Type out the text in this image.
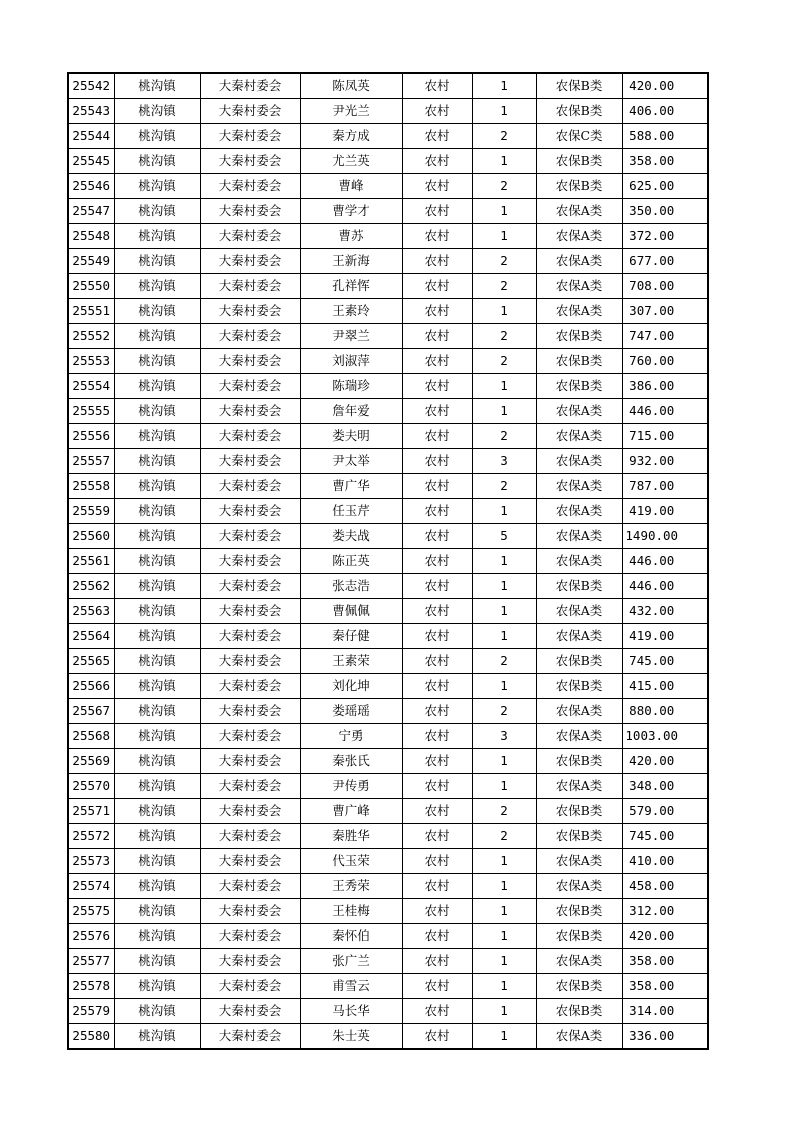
25542	桃沟镇	大秦村委会	陈凤英	农村	1	农保B类	420.00
25543	桃沟镇	大秦村委会	尹光兰	农村	1	农保B类	406.00
25544	桃沟镇	大秦村委会	秦方成	农村	2	农保C类	588.00
25545	桃沟镇	大秦村委会	尤兰英	农村	1	农保B类	358.00
25546	桃沟镇	大秦村委会	曹峰	农村	2	农保B类	625.00
25547	桃沟镇	大秦村委会	曹学才	农村	1	农保A类	350.00
25548	桃沟镇	大秦村委会	曹苏	农村	1	农保A类	372.00
25549	桃沟镇	大秦村委会	王新海	农村	2	农保A类	677.00
25550	桃沟镇	大秦村委会	孔祥恽	农村	2	农保A类	708.00
25551	桃沟镇	大秦村委会	王素玲	农村	1	农保A类	307.00
25552	桃沟镇	大秦村委会	尹翠兰	农村	2	农保B类	747.00
25553	桃沟镇	大秦村委会	刘淑萍	农村	2	农保B类	760.00
25554	桃沟镇	大秦村委会	陈瑞珍	农村	1	农保B类	386.00
25555	桃沟镇	大秦村委会	詹年爱	农村	1	农保A类	446.00
25556	桃沟镇	大秦村委会	娄夫明	农村	2	农保A类	715.00
25557	桃沟镇	大秦村委会	尹太举	农村	3	农保A类	932.00
25558	桃沟镇	大秦村委会	曹广华	农村	2	农保A类	787.00
25559	桃沟镇	大秦村委会	任玉芹	农村	1	农保A类	419.00
25560	桃沟镇	大秦村委会	娄夫战	农村	5	农保A类	1490.00
25561	桃沟镇	大秦村委会	陈正英	农村	1	农保A类	446.00
25562	桃沟镇	大秦村委会	张志浩	农村	1	农保B类	446.00
25563	桃沟镇	大秦村委会	曹佩佩	农村	1	农保A类	432.00
25564	桃沟镇	大秦村委会	秦仔健	农村	1	农保A类	419.00
25565	桃沟镇	大秦村委会	王素荣	农村	2	农保B类	745.00
25566	桃沟镇	大秦村委会	刘化坤	农村	1	农保B类	415.00
25567	桃沟镇	大秦村委会	娄瑶瑶	农村	2	农保A类	880.00
25568	桃沟镇	大秦村委会	宁勇	农村	3	农保A类	1003.00
25569	桃沟镇	大秦村委会	秦张氏	农村	1	农保B类	420.00
25570	桃沟镇	大秦村委会	尹传勇	农村	1	农保A类	348.00
25571	桃沟镇	大秦村委会	曹广峰	农村	2	农保B类	579.00
25572	桃沟镇	大秦村委会	秦胜华	农村	2	农保B类	745.00
25573	桃沟镇	大秦村委会	代玉荣	农村	1	农保A类	410.00
25574	桃沟镇	大秦村委会	王秀荣	农村	1	农保A类	458.00
25575	桃沟镇	大秦村委会	王桂梅	农村	1	农保B类	312.00
25576	桃沟镇	大秦村委会	秦怀伯	农村	1	农保B类	420.00
25577	桃沟镇	大秦村委会	张广兰	农村	1	农保A类	358.00
25578	桃沟镇	大秦村委会	甫雪云	农村	1	农保B类	358.00
25579	桃沟镇	大秦村委会	马长华	农村	1	农保B类	314.00
25580	桃沟镇	大秦村委会	朱士英	农村	1	农保A类	336.00
